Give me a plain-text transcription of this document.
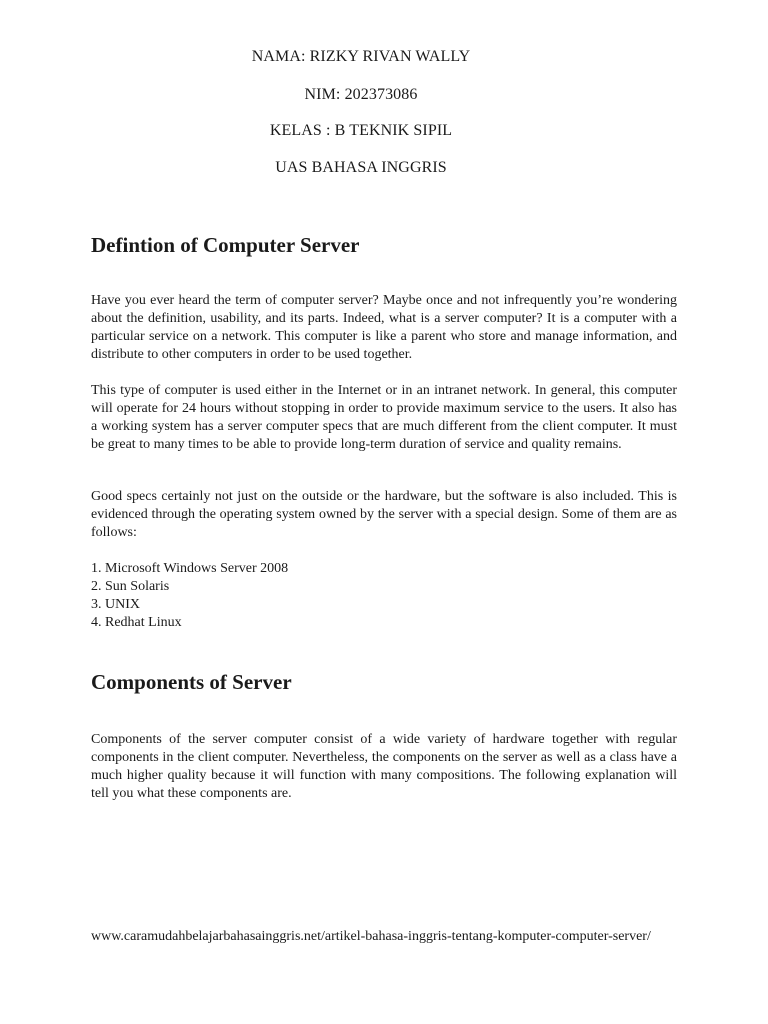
NAMA: RIZKY RIVAN WALLY
NIM: 202373086
KELAS : B TEKNIK SIPIL
UAS BAHASA INGGRIS
Defintion of Computer Server

Have you ever heard the term of computer server? Maybe once and not infrequently you’re wondering about the definition, usability, and its parts. Indeed, what is a server computer? It is a computer with a particular service on a network. This computer is like a parent who store and manage information, and distribute to other computers in order to be used together.

This type of computer is used either in the Internet or in an intranet network. In general, this computer will operate for 24 hours without stopping in order to provide maximum service to the users. It also has a working system has a server computer specs that are much different from the client computer. It must be great to many times to be able to provide long-term duration of service and quality remains.

Good specs certainly not just on the outside or the hardware, but the software is also included. This is evidenced through the operating system owned by the server with a special design. Some of them are as follows:

1. Microsoft Windows Server 2008
2. Sun Solaris
3. UNIX
4. Redhat Linux
Components of Server

Components of the server computer consist of a wide variety of hardware together with regular components in the client computer. Nevertheless, the components on the server as well as a class have a much higher quality because it will function with many compositions. The following explanation will tell you what these components are.

www.caramudahbelajarbahasainggris.net/artikel-bahasa-inggris-tentang-komputer-computer-server/
